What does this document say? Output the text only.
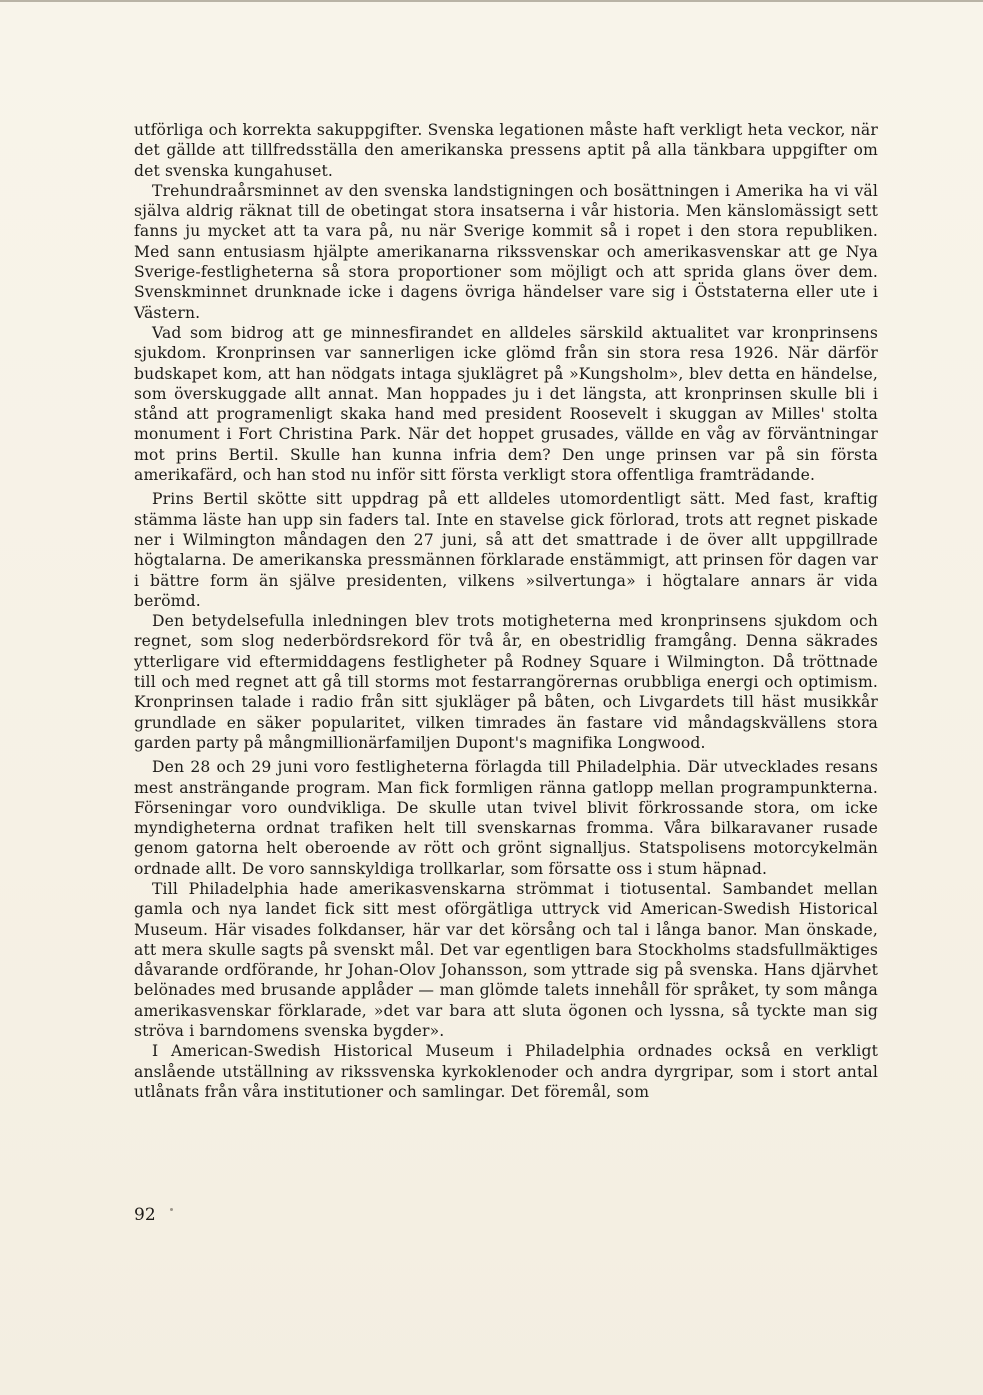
utförliga och korrekta sakuppgifter. Svenska legationen måste haft verkligt heta veckor, när det gällde att tillfredsställa den amerikanska pressens aptit på alla tänkbara uppgifter om det svenska kungahuset.

Trehundraårsminnet av den svenska landstigningen och bosättningen i Amerika ha vi väl själva aldrig räknat till de obetingat stora insatserna i vår historia. Men känslomässigt sett fanns ju mycket att ta vara på, nu när Sverige kommit så i ropet i den stora republiken. Med sann entusiasm hjälpte amerikanarna rikssvenskar och amerikasvenskar att ge Nya Sverige-festligheterna så stora proportioner som möjligt och att sprida glans över dem. Svenskminnet drunknade icke i dagens övriga händelser vare sig i Öststaterna eller ute i Västern.

Vad som bidrog att ge minnesfirandet en alldeles särskild aktualitet var kronprinsens sjukdom. Kronprinsen var sannerligen icke glömd från sin stora resa 1926. När därför budskapet kom, att han nödgats intaga sjuklägret på »Kungsholm», blev detta en händelse, som överskuggade allt annat. Man hoppades ju i det längsta, att kronprinsen skulle bli i stånd att programenligt skaka hand med president Roosevelt i skuggan av Milles' stolta monument i Fort Christina Park. När det hoppet grusades, vällde en våg av förväntningar mot prins Bertil. Skulle han kunna infria dem? Den unge prinsen var på sin första amerikafärd, och han stod nu inför sitt första verkligt stora offentliga framträdande.

Prins Bertil skötte sitt uppdrag på ett alldeles utomordentligt sätt. Med fast, kraftig stämma läste han upp sin faders tal. Inte en stavelse gick förlorad, trots att regnet piskade ner i Wilmington måndagen den 27 juni, så att det smattrade i de över allt uppgillrade högtalarna. De amerikanska pressmännen förklarade enstämmigt, att prinsen för dagen var i bättre form än själve presidenten, vilkens »silvertunga» i högtalare annars är vida berömd.

Den betydelsefulla inledningen blev trots motigheterna med kronprinsens sjukdom och regnet, som slog nederbördsrekord för två år, en obestridlig framgång. Denna säkrades ytterligare vid eftermiddagens festligheter på Rodney Square i Wilmington. Då tröttnade till och med regnet att gå till storms mot festarrangörernas orubbliga energi och optimism. Kronprinsen talade i radio från sitt sjukläger på båten, och Livgardets till häst musikkår grundlade en säker popularitet, vilken timrades än fastare vid måndagskvällens stora garden party på mångmillionärfamiljen Dupont's magnifika Longwood.

Den 28 och 29 juni voro festligheterna förlagda till Philadelphia. Där utvecklades resans mest ansträngande program. Man fick formligen ränna gatlopp mellan programpunkterna. Förseningar voro oundvikliga. De skulle utan tvivel blivit förkrossande stora, om icke myndigheterna ordnat trafiken helt till svenskarnas fromma. Våra bilkaravaner rusade genom gatorna helt oberoende av rött och grönt signalljus. Statspolisens motorcykelmän ordnade allt. De voro sannskyldiga trollkarlar, som försatte oss i stum häpnad.

Till Philadelphia hade amerikasvenskarna strömmat i tiotusental. Sambandet mellan gamla och nya landet fick sitt mest oförgätliga uttryck vid American-Swedish Historical Museum. Här visades folkdanser, här var det körsång och tal i långa banor. Man önskade, att mera skulle sagts på svenskt mål. Det var egentligen bara Stockholms stadsfullmäktiges dåvarande ordförande, hr Johan-Olov Johansson, som yttrade sig på svenska. Hans djärvhet belönades med brusande applåder — man glömde talets innehåll för språket, ty som många amerikasvenskar förklarade, »det var bara att sluta ögonen och lyssna, så tyckte man sig ströva i barndomens svenska bygder».

I American-Swedish Historical Museum i Philadelphia ordnades också en verkligt anslående utställning av rikssvenska kyrkoklenoder och andra dyrgripar, som i stort antal utlånats från våra institutioner och samlingar. Det föremål, som

92
